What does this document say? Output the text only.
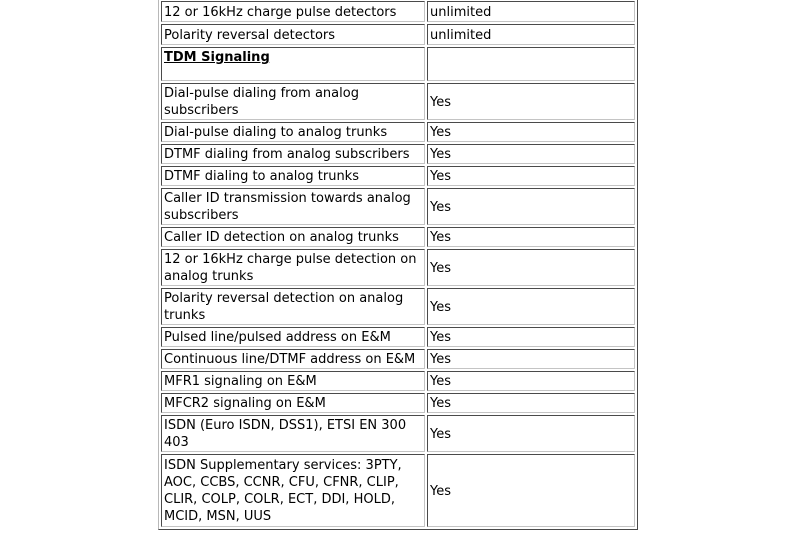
12 or 16kHz charge pulse detectors	unlimited
Polarity reversal detectors	unlimited
TDM Signaling	
Dial-pulse dialing from analog subscribers	Yes
Dial-pulse dialing to analog trunks	Yes
DTMF dialing from analog subscribers	Yes
DTMF dialing to analog trunks	Yes
Caller ID transmission towards analog subscribers	Yes
Caller ID detection on analog trunks	Yes
12 or 16kHz charge pulse detection on analog trunks	Yes
Polarity reversal detection on analog trunks	Yes
Pulsed line/pulsed address on E&M	Yes
Continuous line/DTMF address on E&M	Yes
MFR1 signaling on E&M	Yes
MFCR2 signaling on E&M	Yes
ISDN (Euro ISDN, DSS1), ETSI EN 300 403	Yes
ISDN Supplementary services: 3PTY, AOC, CCBS, CCNR, CFU, CFNR, CLIP, CLIR, COLP, COLR, ECT, DDI, HOLD, MCID, MSN, UUS	Yes
